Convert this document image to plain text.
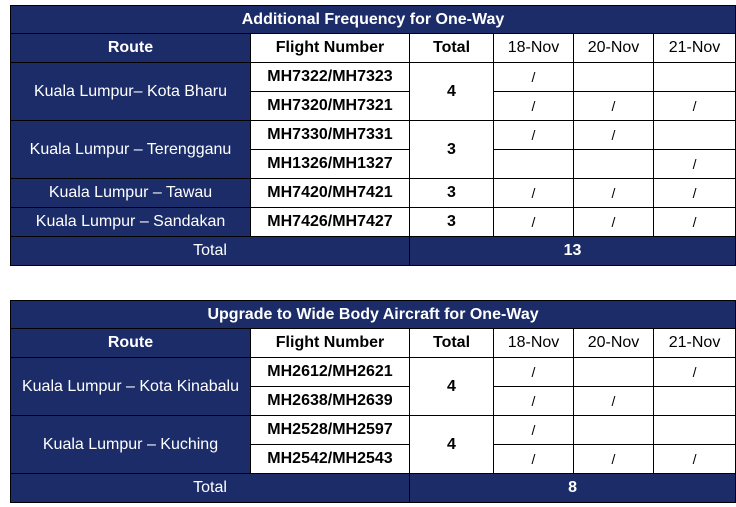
Additional Frequency for One-Way					
Route	Flight Number	Total	18-Nov	20-Nov	21-Nov
Kuala Lumpur– Kota Bharu	MH7322/MH7323	4	/		
	MH7320/MH7321		/	/	/
Kuala Lumpur – Terengganu	MH7330/MH7331	3	/	/	
	MH1326/MH1327				/
Kuala Lumpur – Tawau	MH7420/MH7421	3	/	/	/
Kuala Lumpur – Sandakan	MH7426/MH7427	3	/	/	/
Total		13			
Upgrade to Wide Body Aircraft for One-Way					
Route	Flight Number	Total	18-Nov	20-Nov	21-Nov
Kuala Lumpur – Kota Kinabalu	MH2612/MH2621	4	/		/
	MH2638/MH2639		/	/	
Kuala Lumpur – Kuching	MH2528/MH2597	4	/		
	MH2542/MH2543		/	/	/
Total		8			
